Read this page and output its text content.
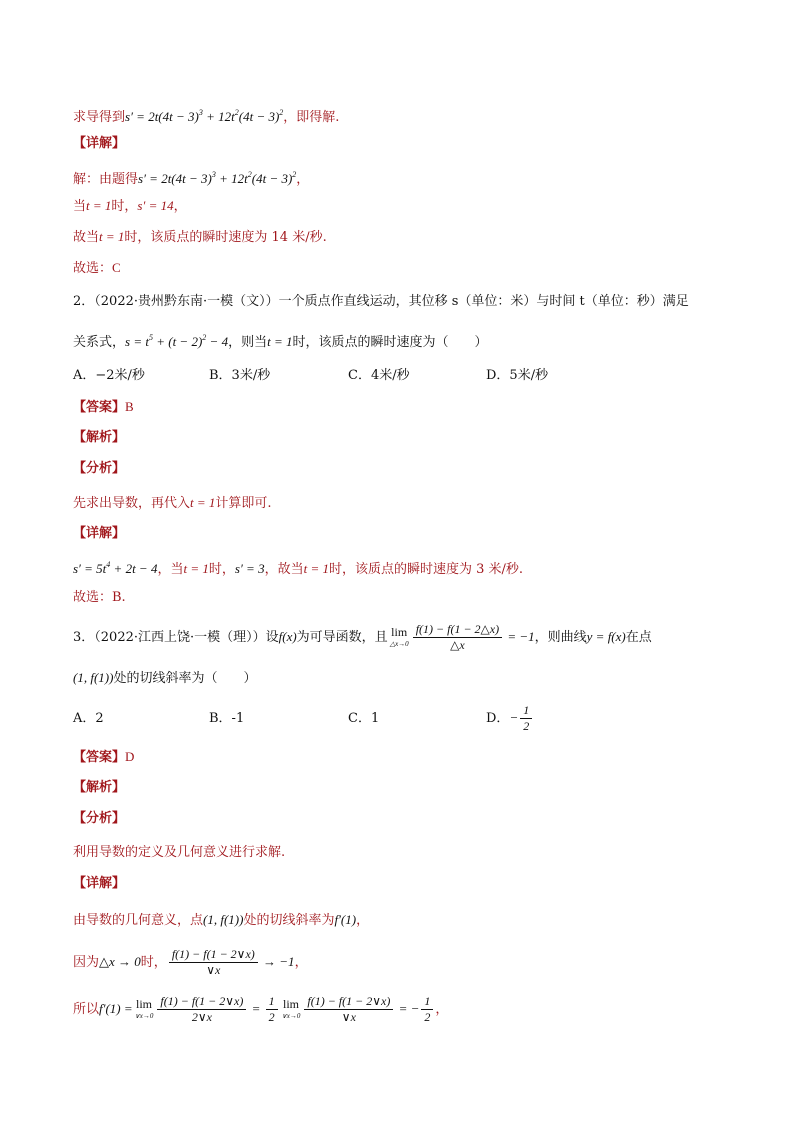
求导得到$s' = 2t(4t - 3)^3 + 12t^2(4t - 3)^2$，即得解.
【详解】
解：由题得$s' = 2t(4t - 3)^3 + 12t^2(4t - 3)^2$，
当t = 1时，s′ = 14，
故当t = 1时，该质点的瞬时速度为 14 米/秒.
故选：C
2．（2022·贵州黔东南·一模（文））一个质点作直线运动，其位移 s（单位：米）与时间 t（单位：秒）满足
关系式，$s = t^5 + (t - 2)^2 - 4$，则当t = 1时，该质点的瞬时速度为（　　）
A．−2米/秒	B．3米/秒	C．4米/秒	D．5米/秒
【答案】B
【解析】
【分析】
先求出导数，再代入t = 1计算即可.
【详解】
$s' = 5t^4 + 2t - 4$，当t = 1时，s′ = 3，故当t = 1时，该质点的瞬时速度为 3 米/秒.
故选：B.
3．（2022·江西上饶·一模（理））设f(x)为可导函数，且 lim
△x→0 $\frac{f(1) - f(1 - 2\triangle x)}{\triangle x} = -1$，则曲线y = f(x)在点
(1, f(1))处的切线斜率为（　　）
A．2	B．-1	C．1	D．− $\frac{1}{2}$
【答案】D
【解析】
【分析】
利用导数的定义及几何意义进行求解.
【详解】
由导数的几何意义，点(1, f(1))处的切线斜率为f′(1)，
因为△x → 0时， $\frac{f(1) - f(1 - 2\vee x)}{\vee x} \to -1$，
所以f′(1) = lim
∨x→0 $\frac{f(1) - f(1 - 2\vee x)}{2\vee x} = \frac{1}{2}$ lim
∨x→0 $\frac{f(1) - f(1 - 2\vee x)}{\vee x}$ = − $\frac{1}{2}$ ，
